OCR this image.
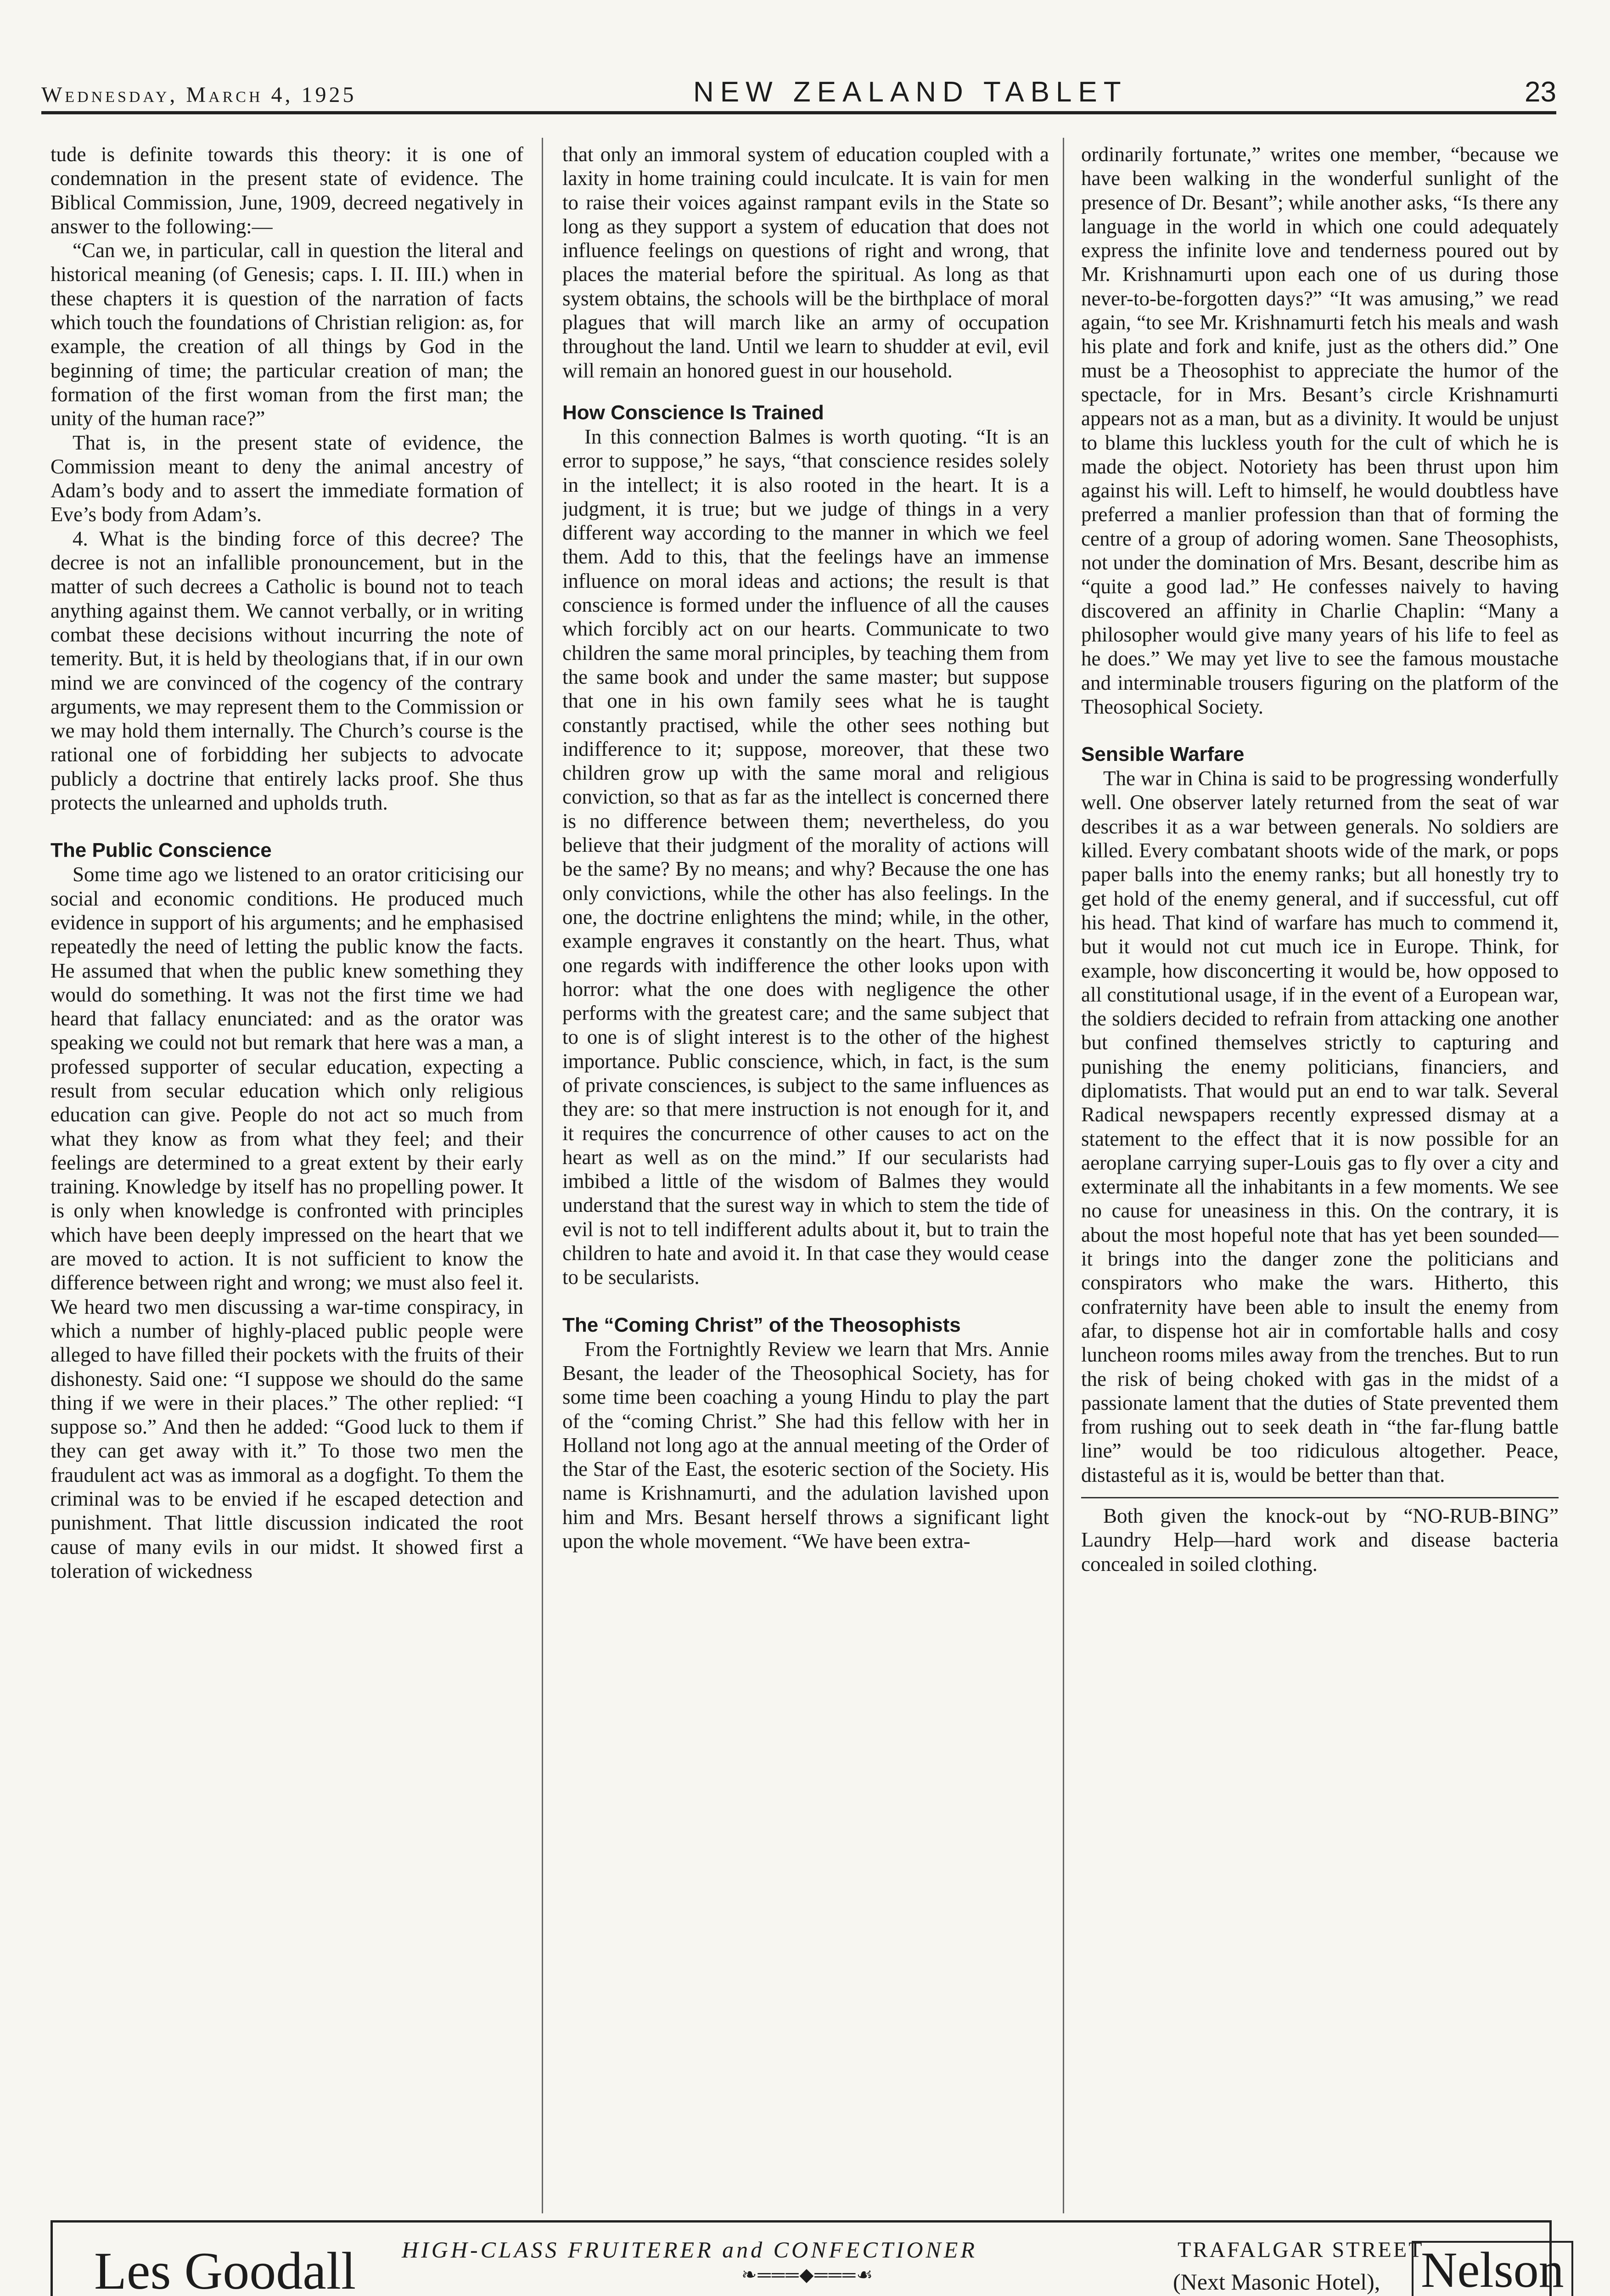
Wednesday, March 4, 1925	NEW ZEALAND TABLET	23

tude is definite towards this theory: it is one of condemnation in the present state of evidence. The Biblical Commission, June, 1909, decreed negatively in answer to the following:—

“Can we, in particular, call in question the literal and historical meaning (of Genesis; caps. I. II. III.) when in these chapters it is question of the narration of facts which touch the foundations of Christian religion: as, for example, the creation of all things by God in the beginning of time; the particular creation of man; the formation of the first woman from the first man; the unity of the human race?”

That is, in the present state of evidence, the Commission meant to deny the animal ancestry of Adam’s body and to assert the immediate formation of Eve’s body from Adam’s.

4. What is the binding force of this decree? The decree is not an infallible pronouncement, but in the matter of such decrees a Catholic is bound not to teach anything against them. We cannot verbally, or in writing combat these decisions without incurring the note of temerity. But, it is held by theologians that, if in our own mind we are convinced of the cogency of the contrary arguments, we may represent them to the Commission or we may hold them internally. The Church’s course is the rational one of forbidding her subjects to advocate publicly a doctrine that entirely lacks proof. She thus protects the unlearned and upholds truth.

The Public Conscience

Some time ago we listened to an orator criticising our social and economic conditions. He produced much evidence in support of his arguments; and he emphasised repeatedly the need of letting the public know the facts. He assumed that when the public knew something they would do something. It was not the first time we had heard that fallacy enunciated: and as the orator was speaking we could not but remark that here was a man, a professed supporter of secular education, expecting a result from secular education which only religious education can give. People do not act so much from what they know as from what they feel; and their feelings are determined to a great extent by their early training. Knowledge by itself has no propelling power. It is only when knowledge is confronted with principles which have been deeply impressed on the heart that we are moved to action. It is not sufficient to know the difference between right and wrong; we must also feel it. We heard two men discussing a war-time conspiracy, in which a number of highly-placed public people were alleged to have filled their pockets with the fruits of their dishonesty. Said one: “I suppose we should do the same thing if we were in their places.” The other replied: “I suppose so.” And then he added: “Good luck to them if they can get away with it.” To those two men the fraudulent act was as immoral as a dogfight. To them the criminal was to be envied if he escaped detection and punishment. That little discussion indicated the root cause of many evils in our midst. It showed first a toleration of wickedness

that only an immoral system of education coupled with a laxity in home training could inculcate. It is vain for men to raise their voices against rampant evils in the State so long as they support a system of education that does not influence feelings on questions of right and wrong, that places the material before the spiritual. As long as that system obtains, the schools will be the birthplace of moral plagues that will march like an army of occupation throughout the land. Until we learn to shudder at evil, evil will remain an honored guest in our household.

How Conscience Is Trained

In this connection Balmes is worth quoting. “It is an error to suppose,” he says, “that conscience resides solely in the intellect; it is also rooted in the heart. It is a judgment, it is true; but we judge of things in a very different way according to the manner in which we feel them. Add to this, that the feelings have an immense influence on moral ideas and actions; the result is that conscience is formed under the influence of all the causes which forcibly act on our hearts. Communicate to two children the same moral principles, by teaching them from the same book and under the same master; but suppose that one in his own family sees what he is taught constantly practised, while the other sees nothing but indifference to it; suppose, moreover, that these two children grow up with the same moral and religious conviction, so that as far as the intellect is concerned there is no difference between them; nevertheless, do you believe that their judgment of the morality of actions will be the same? By no means; and why? Because the one has only convictions, while the other has also feelings. In the one, the doctrine enlightens the mind; while, in the other, example engraves it constantly on the heart. Thus, what one regards with indifference the other looks upon with horror: what the one does with negligence the other performs with the greatest care; and the same subject that to one is of slight interest is to the other of the highest importance. Public conscience, which, in fact, is the sum of private consciences, is subject to the same influences as they are: so that mere instruction is not enough for it, and it requires the concurrence of other causes to act on the heart as well as on the mind.” If our secularists had imbibed a little of the wisdom of Balmes they would understand that the surest way in which to stem the tide of evil is not to tell indifferent adults about it, but to train the children to hate and avoid it. In that case they would cease to be secularists.

The “Coming Christ” of the Theosophists

From the Fortnightly Review we learn that Mrs. Annie Besant, the leader of the Theosophical Society, has for some time been coaching a young Hindu to play the part of the “coming Christ.” She had this fellow with her in Holland not long ago at the annual meeting of the Order of the Star of the East, the esoteric section of the Society. His name is Krishnamurti, and the adulation lavished upon him and Mrs. Besant herself throws a significant light upon the whole movement. “We have been extra-

ordinarily fortunate,” writes one member, “because we have been walking in the wonderful sunlight of the presence of Dr. Besant”; while another asks, “Is there any language in the world in which one could adequately express the infinite love and tenderness poured out by Mr. Krishnamurti upon each one of us during those never-to-be-forgotten days?” “It was amusing,” we read again, “to see Mr. Krishnamurti fetch his meals and wash his plate and fork and knife, just as the others did.” One must be a Theosophist to appreciate the humor of the spectacle, for in Mrs. Besant’s circle Krishnamurti appears not as a man, but as a divinity. It would be unjust to blame this luckless youth for the cult of which he is made the object. Notoriety has been thrust upon him against his will. Left to himself, he would doubtless have preferred a manlier profession than that of forming the centre of a group of adoring women. Sane Theosophists, not under the domination of Mrs. Besant, describe him as “quite a good lad.” He confesses naively to having discovered an affinity in Charlie Chaplin: “Many a philosopher would give many years of his life to feel as he does.” We may yet live to see the famous moustache and interminable trousers figuring on the platform of the Theosophical Society.

Sensible Warfare

The war in China is said to be progressing wonderfully well. One observer lately returned from the seat of war describes it as a war between generals. No soldiers are killed. Every combatant shoots wide of the mark, or pops paper balls into the enemy ranks; but all honestly try to get hold of the enemy general, and if successful, cut off his head. That kind of warfare has much to commend it, but it would not cut much ice in Europe. Think, for example, how disconcerting it would be, how opposed to all constitutional usage, if in the event of a European war, the soldiers decided to refrain from attacking one another but confined themselves strictly to capturing and punishing the enemy politicians, financiers, and diplomatists. That would put an end to war talk. Several Radical newspapers recently expressed dismay at a statement to the effect that it is now possible for an aeroplane carrying super-Louis gas to fly over a city and exterminate all the inhabitants in a few moments. We see no cause for uneasiness in this. On the contrary, it is about the most hopeful note that has yet been sounded—it brings into the danger zone the politicians and conspirators who make the wars. Hitherto, this confraternity have been able to insult the enemy from afar, to dispense hot air in comfortable halls and cosy luncheon rooms miles away from the trenches. But to run the risk of being choked with gas in the midst of a passionate lament that the duties of State prevented them from rushing out to seek death in “the far-flung battle line” would be too ridiculous altogether. Peace, distasteful as it is, would be better than that.

Both given the knock-out by “NO-RUB-BING” Laundry Help—hard work and disease bacteria concealed in soiled clothing.

Les Goodall HIGH-CLASS FRUITERER and CONFECTIONER
❧═══◆═══☙
TRAFALGAR STREET
(Next Masonic Hotel), Nelson
